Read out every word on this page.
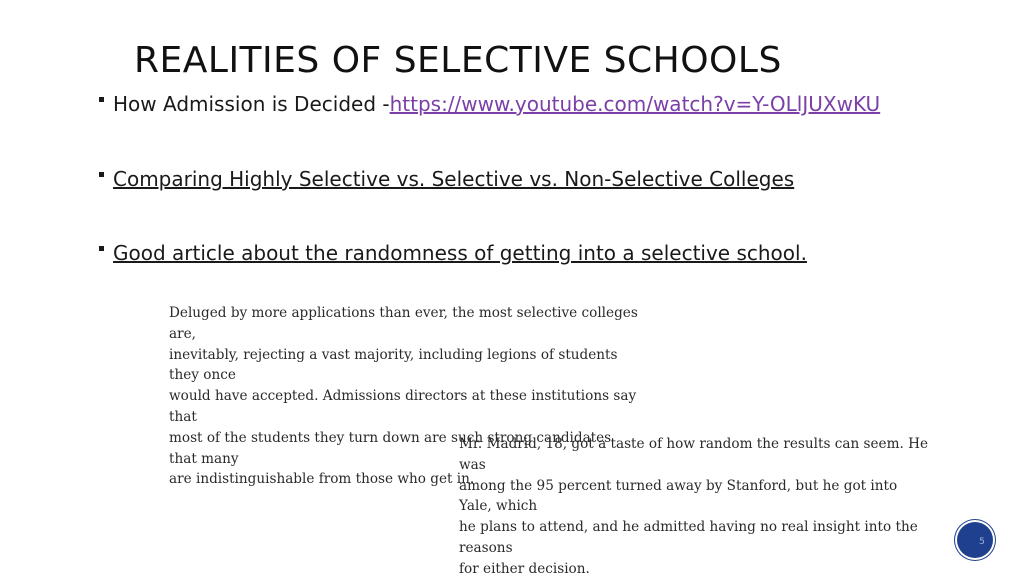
REALITIES OF SELECTIVE SCHOOLS
How Admission is Decided - https://www.youtube.com/watch?v=Y-OLlJUXwKU
Comparing Highly Selective vs. Selective vs. Non-Selective Colleges
Good article about the randomness of getting into a selective school.
Deluged by more applications than ever, the most selective colleges are,
inevitably, rejecting a vast majority, including legions of students they once
would have accepted. Admissions directors at these institutions say that
most of the students they turn down are such strong candidates that many
are indistinguishable from those who get in.
Mr. Madrid, 18, got a taste of how random the results can seem. He was
among the 95 percent turned away by Stanford, but he got into Yale, which
he plans to attend, and he admitted having no real insight into the reasons
for either decision.
5
